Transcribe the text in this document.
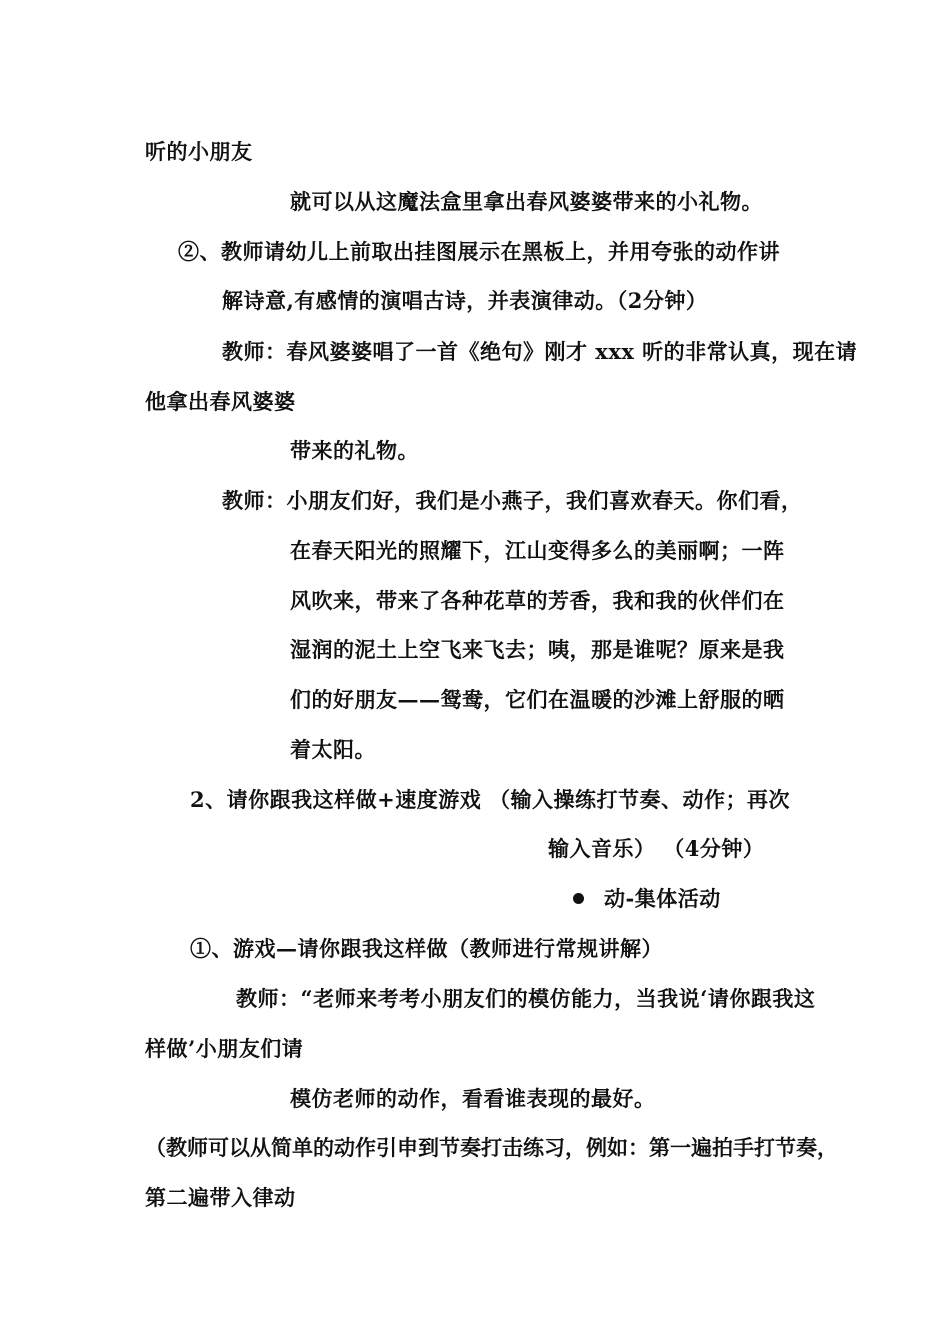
听的小朋友
就可以从这魔法盒里拿出春风婆婆带来的小礼物。
②、教师请幼儿上前取出挂图展示在黑板上，并用夸张的动作讲
解诗意,有感情的演唱古诗，并表演律动。（2分钟）
教师：春风婆婆唱了一首《绝句》刚才 xxx 听的非常认真，现在请
他拿出春风婆婆
带来的礼物。
教师：小朋友们好，我们是小燕子，我们喜欢春天。你们看，
在春天阳光的照耀下，江山变得多么的美丽啊；一阵
风吹来，带来了各种花草的芳香，我和我的伙伴们在
湿润的泥土上空飞来飞去；咦，那是谁呢？原来是我
们的好朋友——鸳鸯，它们在温暖的沙滩上舒服的晒
着太阳。
2、请你跟我这样做+速度游戏 （输入操练打节奏、动作；再次
输入音乐） （4分钟）
动-集体活动
①、游戏—请你跟我这样做（教师进行常规讲解）
教师：“老师来考考小朋友们的模仿能力，当我说‘请你跟我这
样做’小朋友们请
模仿老师的动作，看看谁表现的最好。
（教师可以从简单的动作引申到节奏打击练习，例如：第一遍拍手打节奏，
第二遍带入律动
